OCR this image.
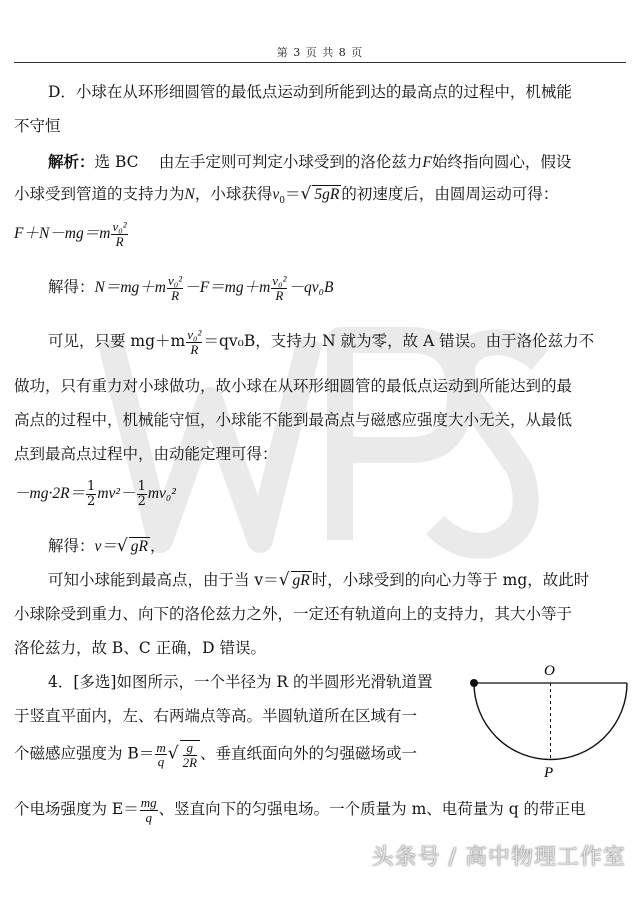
第 3 页 共 8 页
D．小球在从环形细圆管的最低点运动到所能到达的最高点的过程中，机械能
不守恒
解析：选 BC　 由左手定则可判定小球受到的洛伦兹力F始终指向圆心，假设
小球受到管道的支持力为N，小球获得$v_0=√$ 5gR 的初速度后，由圆周运动可得：
$F+N-mg=m \frac{\text{v₀²}}{R}$
解得：$N=mg+m \frac{\text{v₀²}}{R} -F=mg+m \frac{\text{v₀²}}{R} -qv_0B$
可见，只要 $mg+m \frac{\text{v₀²}}{R} =qv_0B$，支持力 N 就为零，故 A 错误。由于洛伦兹力不
做功，只有重力对小球做功，故小球在从环形细圆管的最低点运动到所能达到的最
高点的过程中，机械能守恒，小球能不能到最高点与磁感应强度大小无关，从最低
点到最高点过程中，由动能定理可得：
$-mg\cdot 2R= \frac{1}{2} mv^2- \frac{1}{2} mv_0^2$
解得：v＝√ gR ，
可知小球能到最高点，由于当 v＝√ gR 时，小球受到的向心力等于 mg，故此时
小球除受到重力、向下的洛伦兹力之外，一定还有轨道向上的支持力，其大小等于
洛伦兹力，故 B、C 正确，D 错误。
4．[多选]如图所示，一个半径为 R 的半圆形光滑轨道置
于竖直平面内，左、右两端点等高。半圆轨道所在区域有一
个磁感应强度为 $B= \frac{m}{q}$ √ $\frac{g}{2R}$ 、垂直纸面向外的匀强磁场或一
个电场强度为 $E= \frac{mg}{q}$ 、竖直向下的匀强电场。一个质量为 m、电荷量为 q 的带正电
O
P
头条号 / 高中物理工作室
